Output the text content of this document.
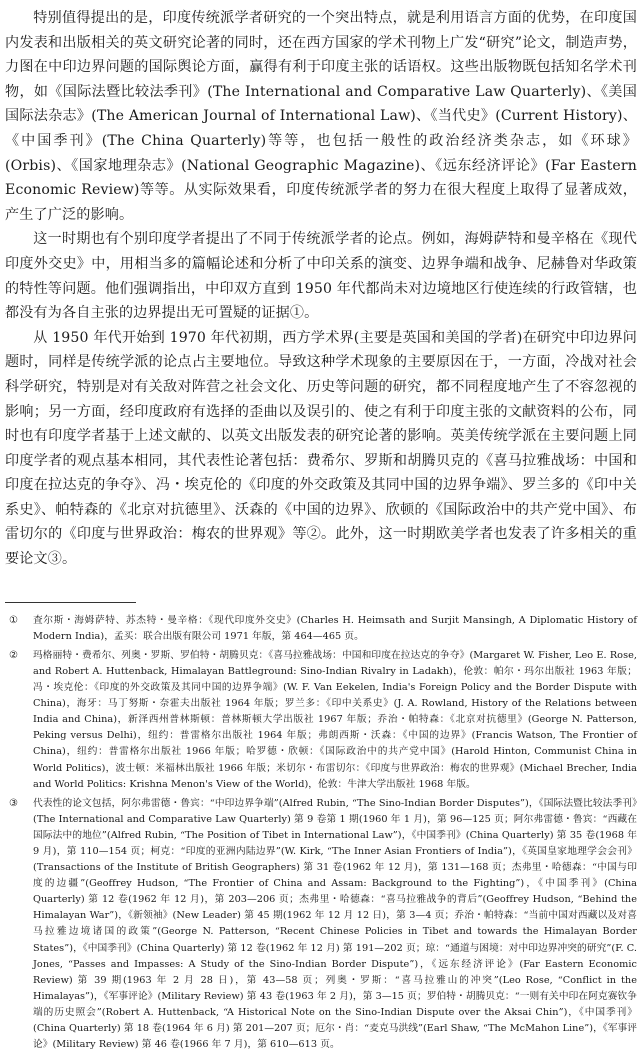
特别值得提出的是，印度传统派学者研究的一个突出特点，就是利用语言方面的优势，在印度国内发表和出版相关的英文研究论著的同时，还在西方国家的学术刊物上广发“研究”论文，制造声势，力图在中印边界问题的国际舆论方面，赢得有利于印度主张的话语权。这些出版物既包括知名学术刊物，如《国际法暨比较法季刊》(The International and Comparative Law Quarterly)、《美国国际法杂志》(The American Journal of International Law)、《当代史》(Current History)、《中国季刊》(The China Quarterly)等等，也包括一般性的政治经济类杂志，如《环球》(Orbis)、《国家地理杂志》(National Geographic Magazine)、《远东经济评论》(Far Eastern Economic Review)等等。从实际效果看，印度传统派学者的努力在很大程度上取得了显著成效，产生了广泛的影响。

这一时期也有个别印度学者提出了不同于传统派学者的论点。例如，海姆萨特和曼辛格在《现代印度外交史》中，用相当多的篇幅论述和分析了中印关系的演变、边界争端和战争、尼赫鲁对华政策的特性等问题。他们强调指出，中印双方直到 1950 年代都尚未对边境地区行使连续的行政管辖，也都没有为各自主张的边界提出无可置疑的证据①。

从 1950 年代开始到 1970 年代初期，西方学术界(主要是英国和美国的学者)在研究中印边界问题时，同样是传统学派的论点占主要地位。导致这种学术现象的主要原因在于，一方面，冷战对社会科学研究，特别是对有关敌对阵营之社会文化、历史等问题的研究，都不同程度地产生了不容忽视的影响；另一方面，经印度政府有选择的歪曲以及误引的、使之有利于印度主张的文献资料的公布，同时也有印度学者基于上述文献的、以英文出版发表的研究论著的影响。英美传统学派在主要问题上同印度学者的观点基本相同，其代表性论著包括：费希尔、罗斯和胡腾贝克的《喜马拉雅战场：中国和印度在拉达克的争夺》、冯・埃克伦的《印度的外交政策及其同中国的边界争端》、罗兰多的《印中关系史》、帕特森的《北京对抗德里》、沃森的《中国的边界》、欣顿的《国际政治中的共产党中国》、布雷切尔的《印度与世界政治：梅农的世界观》等②。此外，这一时期欧美学者也发表了许多相关的重要论文③。

①	査尔斯・海姆萨特、苏杰特・曼辛格：《现代印度外交史》(Charles H. Heimsath and Surjit Mansingh, A Diplomatic History of Modern India)，孟买：联合出版有限公司 1971 年版，第 464—465 页。
②	玛格丽特・费希尔、列奥・罗斯、罗伯特・胡腾贝克：《喜马拉雅战场：中国和印度在拉达克的争夺》(Margaret W. Fisher, Leo E. Rose, and Robert A. Huttenback, Himalayan Battleground: Sino-Indian Rivalry in Ladakh)，伦敦：帕尔・玛尔出版社 1963 年版；冯・埃克伦：《印度的外交政策及其同中国的边界争端》(W. F. Van Eekelen, India's Foreign Policy and the Border Dispute with China)，海牙：马丁努斯・奈霍夫出版社 1964 年版；罗兰多：《印中关系史》(J. A. Rowland, History of the Relations between India and China)，新泽西州普林斯顿：普林斯顿大学出版社 1967 年版；乔治・帕特森：《北京对抗德里》(George N. Patterson, Peking versus Delhi)，纽约：普雷格尔出版社 1964 年版；弗朗西斯・沃森：《中国的边界》(Francis Watson, The Frontier of China)，纽约：普雷格尔出版社 1966 年版；哈罗德・欣顿：《国际政治中的共产党中国》(Harold Hinton, Communist China in World Politics)，波士顿：米福林出版社 1966 年版；米切尔・布雷切尔：《印度与世界政治：梅农的世界观》(Michael Brecher, India and World Politics: Krishna Menon's View of the World)，伦敦：牛津大学出版社 1968 年版。
③	代表性的论文包括，阿尔弗雷德・鲁宾：“中印边界争端”(Alfred Rubin, “The Sino-Indian Border Disputes”)，《国际法暨比较法季刊》(The International and Comparative Law Quarterly) 第 9 卷第 1 期(1960 年 1 月)，第 96—125 页；阿尔弗雷德・鲁宾：“西藏在国际法中的地位”(Alfred Rubin, “The Position of Tibet in International Law”)，《中国季刊》(China Quarterly) 第 35 卷(1968 年 9 月)，第 110—154 页；柯克：“印度的亚洲内陆边界”(W. Kirk, “The Inner Asian Frontiers of India”)，《英国皇家地理学会会刊》(Transactions of the Institute of British Geographers) 第 31 卷(1962 年 12 月)，第 131—168 页；杰弗里・哈德森：“中国与印度的边疆”(Geoffrey Hudson, “The Frontier of China and Assam: Background to the Fighting”)，《中国季刊》(China Quarterly) 第 12 卷(1962 年 12 月)，第 203—206 页；杰弗里・哈德森：“喜马拉雅战争的背后”(Geoffrey Hudson, “Behind the Himalayan War”)，《新领袖》(New Leader) 第 45 期(1962 年 12 月 12 日)，第 3—4 页；乔治・帕特森：“当前中国对西藏以及对喜马拉雅边境诸国的政策”(George N. Patterson, “Recent Chinese Policies in Tibet and towards the Himalayan Border States”)，《中国季刊》(China Quarterly) 第 12 卷(1962 年 12 月) 第 191—202 页；琼：“通道与困境：对中印边界冲突的研究”(F. C. Jones, “Passes and Impasses: A Study of the Sino-Indian Border Dispute”)，《远东经济评论》(Far Eastern Economic Review) 第 39 期(1963 年 2 月 28 日)，第 43—58 页；列奥・罗斯：“喜马拉雅山的冲突”(Leo Rose, “Conflict in the Himalayas”)，《军事评论》(Military Review) 第 43 卷(1963 年 2 月)，第 3—15 页；罗伯特・胡腾贝克：“一则有关中印在阿克赛钦争端的历史照会”(Robert A. Huttenback, “A Historical Note on the Sino-Indian Dispute over the Aksai Chin”)，《中国季刊》(China Quarterly) 第 18 卷(1964 年 6 月) 第 201—207 页；厄尔・肖：“麦克马洪线”(Earl Shaw, “The McMahon Line”)，《军事评论》(Military Review) 第 46 卷(1966 年 7 月)，第 610—613 页。
